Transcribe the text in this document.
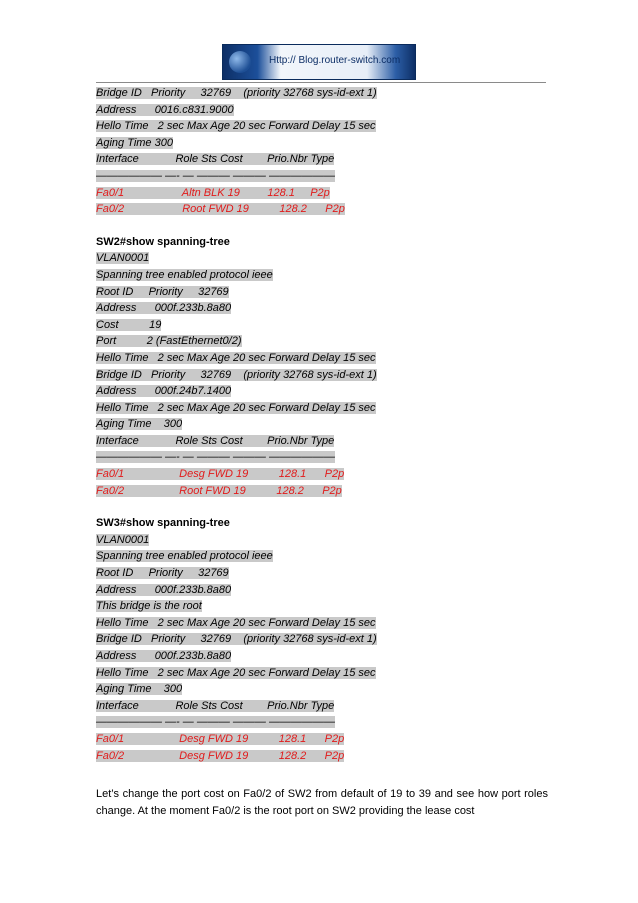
Http:// Blog.router-switch.com
Bridge ID   Priority     32769    (priority 32768 sys-id-ext 1)
Address      0016.c831.9000
Hello Time   2 sec Max Age 20 sec Forward Delay 15 sec
Aging Time 300
Interface            Role Sts Cost        Prio.Nbr Type
—————— —- — ——— ——— ——————
Fa0/1                   Altn BLK 19         128.1     P2p
Fa0/2                   Root FWD 19          128.2      P2p
SW2#show spanning-tree
VLAN0001
Spanning tree enabled protocol ieee
Root ID     Priority     32769
Address      000f.233b.8a80
Cost          19
Port          2 (FastEthernet0/2)
Hello Time   2 sec Max Age 20 sec Forward Delay 15 sec
Bridge ID   Priority     32769    (priority 32768 sys-id-ext 1)
Address      000f.24b7.1400
Hello Time   2 sec Max Age 20 sec Forward Delay 15 sec
Aging Time    300
Interface            Role Sts Cost        Prio.Nbr Type
—————— —- — ——— ——— ——————
Fa0/1                  Desg FWD 19          128.1      P2p
Fa0/2                  Root FWD 19          128.2      P2p
SW3#show spanning-tree
VLAN0001
Spanning tree enabled protocol ieee
Root ID     Priority     32769
Address      000f.233b.8a80
This bridge is the root
Hello Time   2 sec Max Age 20 sec Forward Delay 15 sec
Bridge ID   Priority     32769    (priority 32768 sys-id-ext 1)
Address      000f.233b.8a80
Hello Time   2 sec Max Age 20 sec Forward Delay 15 sec
Aging Time    300
Interface            Role Sts Cost        Prio.Nbr Type
—————— —- — ——— ——— ——————
Fa0/1                  Desg FWD 19          128.1      P2p
Fa0/2                  Desg FWD 19          128.2      P2p
Let’s change the port cost on Fa0/2 of SW2 from default of 19 to 39 and see how port roles change. At the moment Fa0/2 is the root port on SW2 providing the lease cost
